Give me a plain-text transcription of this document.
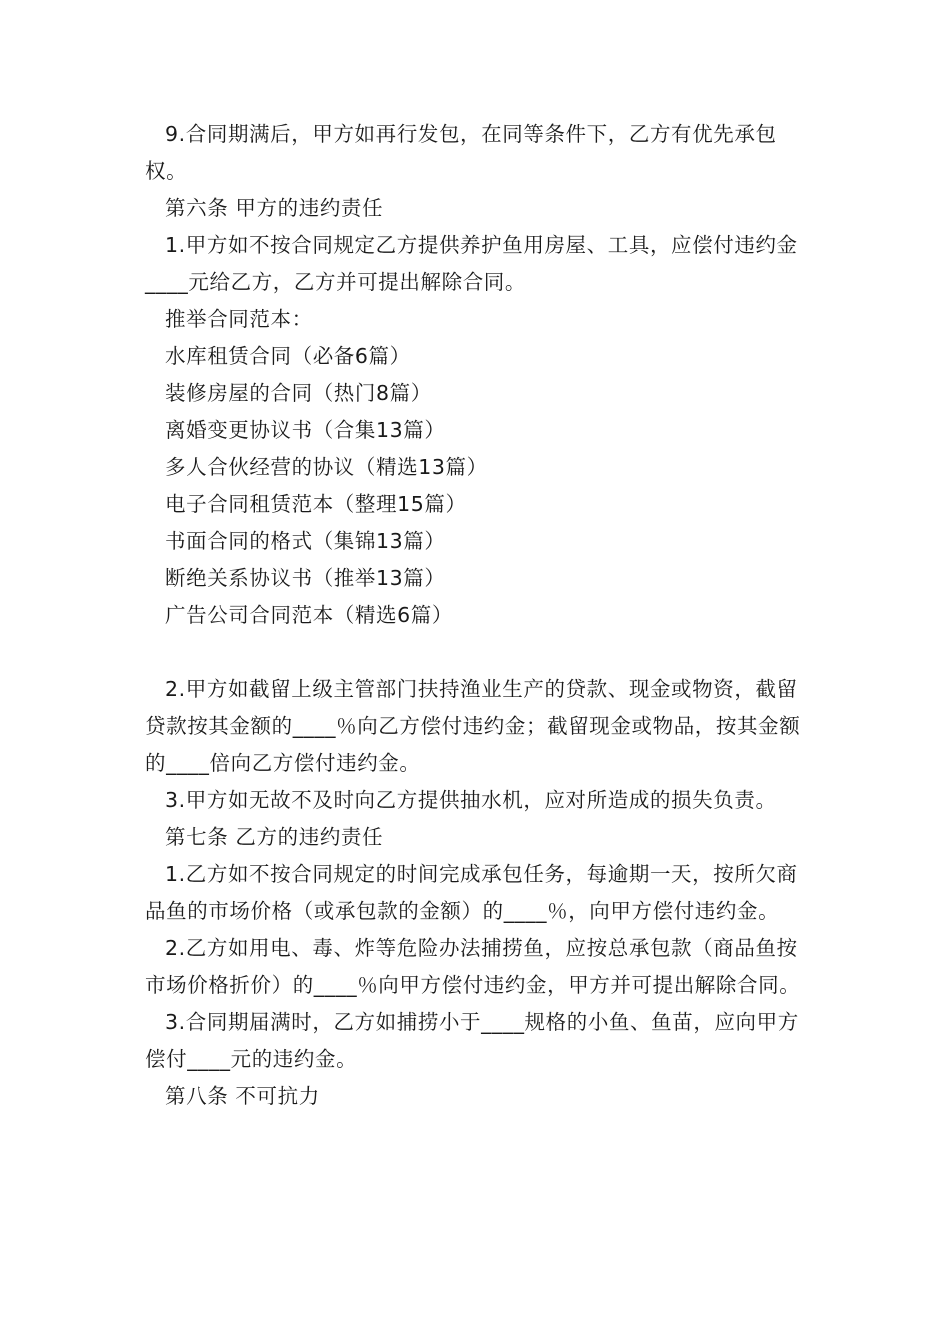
9.合同期满后，甲方如再行发包，在同等条件下，乙方有优先承包权。

第六条 甲方的违约责任

1.甲方如不按合同规定乙方提供养护鱼用房屋、工具，应偿付违约金____元给乙方，乙方并可提出解除合同。

推举合同范本：

水库租赁合同（必备6篇）

装修房屋的合同（热门8篇）

离婚变更协议书（合集13篇）

多人合伙经营的协议（精选13篇）

电子合同租赁范本（整理15篇）

书面合同的格式（集锦13篇）

断绝关系协议书（推举13篇）

广告公司合同范本（精选6篇）

2.甲方如截留上级主管部门扶持渔业生产的贷款、现金或物资，截留贷款按其金额的____％向乙方偿付违约金；截留现金或物品，按其金额的____倍向乙方偿付违约金。

3.甲方如无故不及时向乙方提供抽水机，应对所造成的损失负责。

第七条 乙方的违约责任

1.乙方如不按合同规定的时间完成承包任务，每逾期一天，按所欠商品鱼的市场价格（或承包款的金额）的____％，向甲方偿付违约金。

2.乙方如用电、毒、炸等危险办法捕捞鱼，应按总承包款（商品鱼按市场价格折价）的____％向甲方偿付违约金，甲方并可提出解除合同。

3.合同期届满时，乙方如捕捞小于____规格的小鱼、鱼苗，应向甲方偿付____元的违约金。

第八条 不可抗力
